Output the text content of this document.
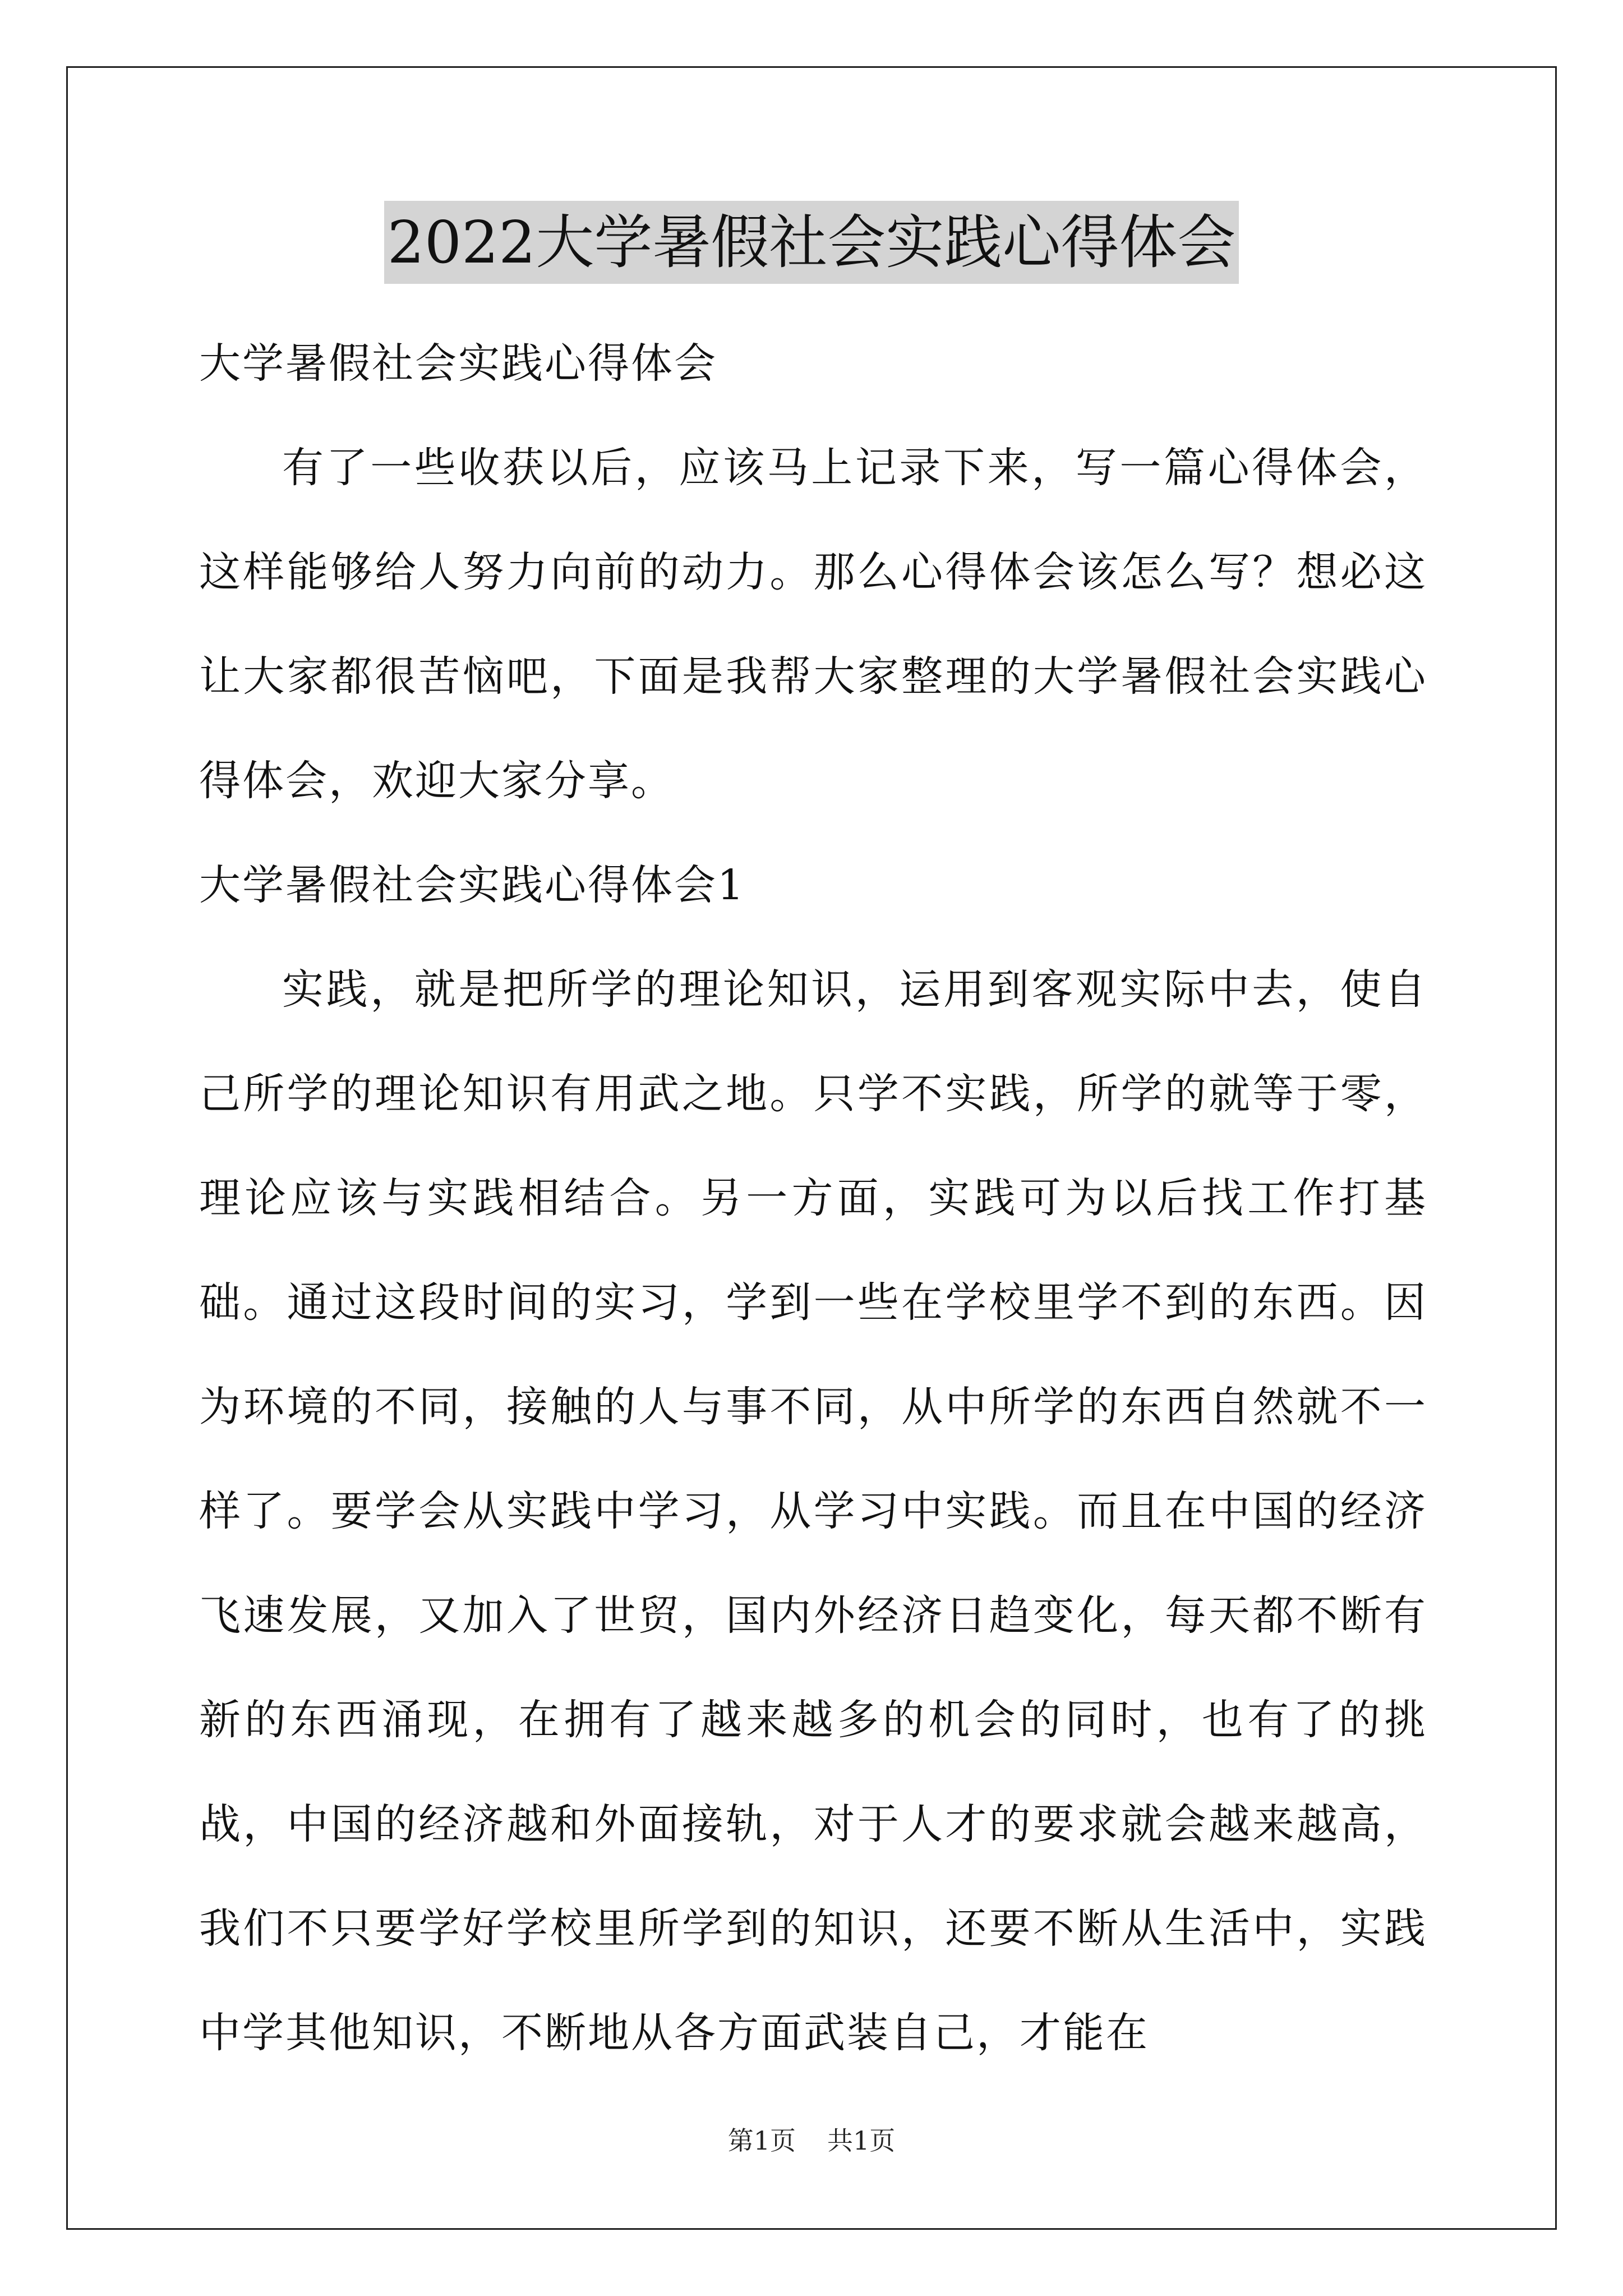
2022大学暑假社会实践心得体会

大学暑假社会实践心得体会

有了一些收获以后，应该马上记录下来，写一篇心得体会，这样能够给人努力向前的动力。那么心得体会该怎么写？想必这让大家都很苦恼吧，下面是我帮大家整理的大学暑假社会实践心得体会，欢迎大家分享。

大学暑假社会实践心得体会1

实践，就是把所学的理论知识，运用到客观实际中去，使自己所学的理论知识有用武之地。只学不实践，所学的就等于零，理论应该与实践相结合。另一方面，实践可为以后找工作打基础。通过这段时间的实习，学到一些在学校里学不到的东西。因为环境的不同，接触的人与事不同，从中所学的东西自然就不一样了。要学会从实践中学习，从学习中实践。而且在中国的经济飞速发展，又加入了世贸，国内外经济日趋变化，每天都不断有新的东西涌现，在拥有了越来越多的机会的同时，也有了的挑战，中国的经济越和外面接轨，对于人才的要求就会越来越高，我们不只要学好学校里所学到的知识，还要不断从生活中，实践中学其他知识，不断地从各方面武装自己，才能在

第1页 共1页
